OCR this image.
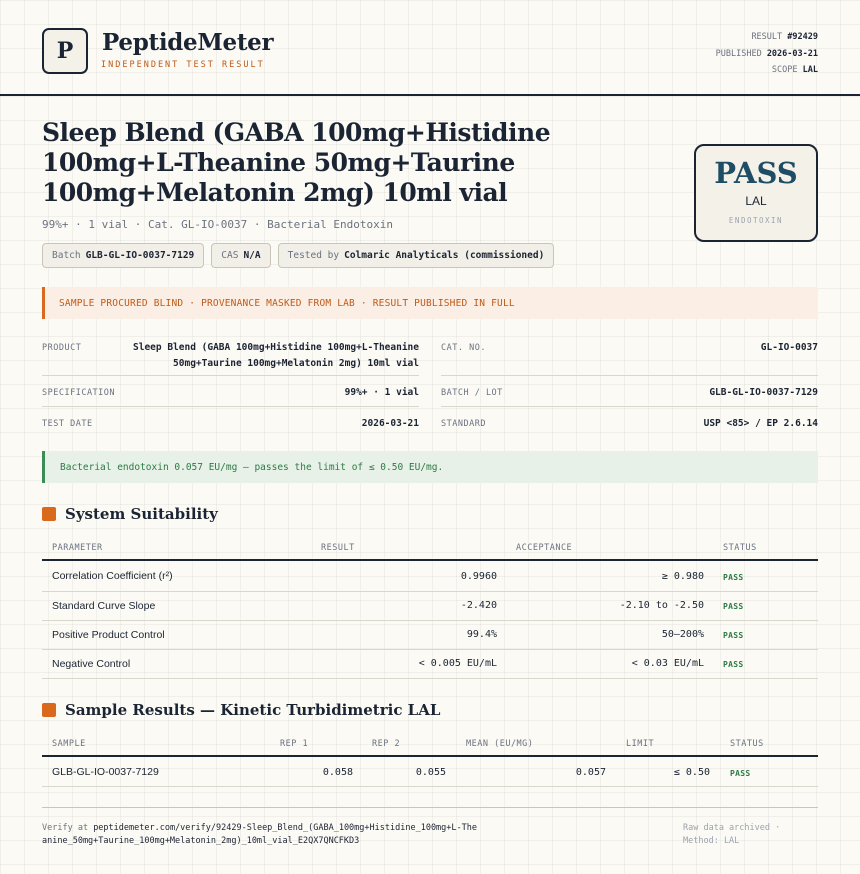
P	PeptideMeter
INDEPENDENT TEST RESULT
RESULT #92429
PUBLISHED 2026-03-21
SCOPE LAL
Sleep Blend (GABA 100mg+Histidine 100mg+L-Theanine 50mg+Taurine 100mg+Melatonin 2mg) 10ml vial
99%+ · 1 vial · Cat. GL-IO-0037 · Bacterial Endotoxin
Batch GLB-GL-IO-0037-7129	CAS N/A	Tested by Colmaric Analyticals (commissioned)
PASS
LAL
ENDOTOXIN
SAMPLE PROCURED BLIND · PROVENANCE MASKED FROM LAB · RESULT PUBLISHED IN FULL
PRODUCT	Sleep Blend (GABA 100mg+Histidine 100mg+L-Theanine 50mg+Taurine 100mg+Melatonin 2mg) 10ml vial
SPECIFICATION	99%+ · 1 vial
TEST DATE	2026-03-21
CAT. NO.	GL-IO-0037
BATCH / LOT	GLB-GL-IO-0037-7129
STANDARD	USP <85> / EP 2.6.14
Bacterial endotoxin 0.057 EU/mg — passes the limit of ≤ 0.50 EU/mg.
System Suitability
PARAMETER	RESULT	ACCEPTANCE	STATUS
Correlation Coefficient (r²)	0.9960	≥ 0.980 PASS
Standard Curve Slope	-2.420	-2.10 to -2.50 PASS
Positive Product Control	99.4%	50–200% PASS
Negative Control	< 0.005 EU/mL	< 0.03 EU/mL PASS
Sample Results — Kinetic Turbidimetric LAL
SAMPLE	REP 1	REP 2	MEAN (EU/MG)	LIMIT	STATUS
GLB-GL-IO-0037-7129	0.058	0.055	0.057	≤ 0.50	PASS
Verify at peptidemeter.com/verify/92429-Sleep_Blend_(GABA_100mg+Histidine_100mg+L-Theanine_50mg+Taurine_100mg+Melatonin_2mg)_10ml_vial_E2QX7QNCFKD3
Raw data archived · Method: LAL
